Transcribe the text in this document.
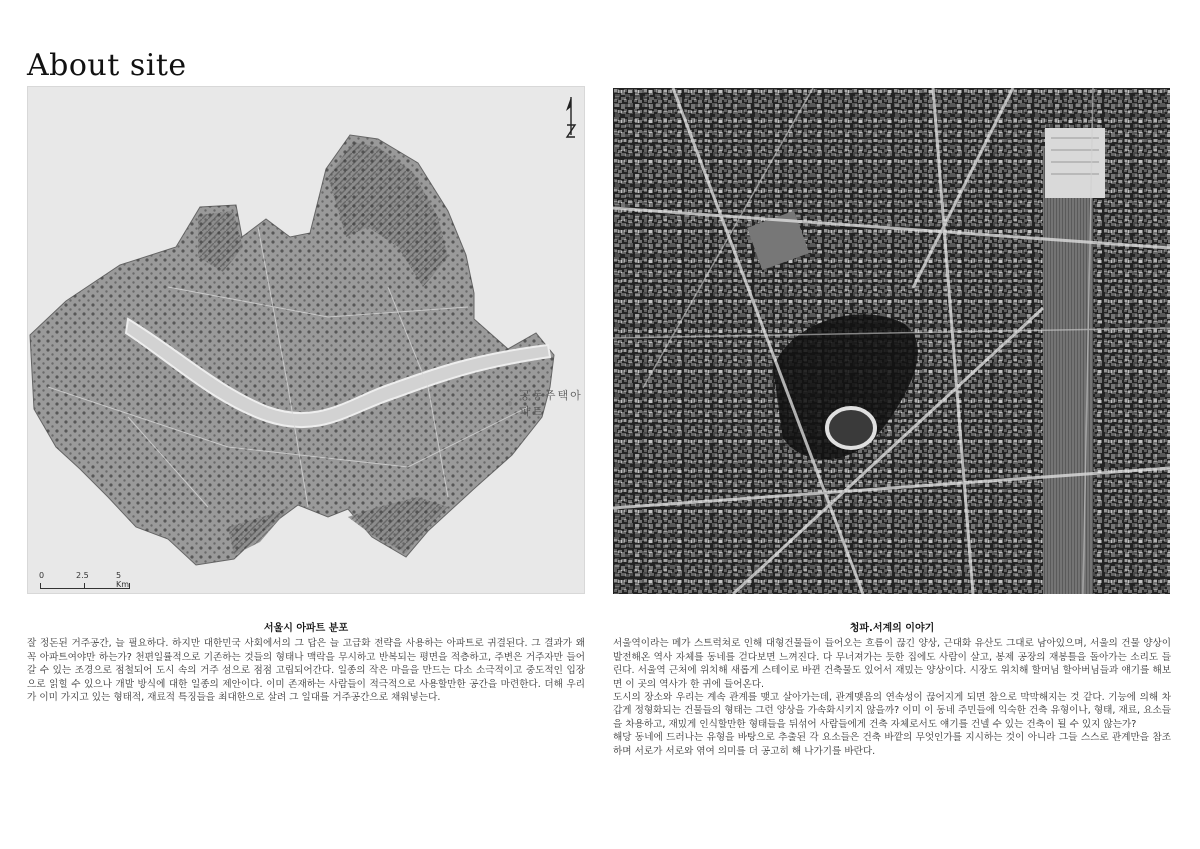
About site
공동주택아파트
0	2.5	5 Km
서울시 아파트 분포

잘 정돈된 거주공간, 늘 필요하다. 하지만 대한민국 사회에서의 그 답은 늘 고급화 전략을 사용하는 아파트로 귀결된다. 그 결과가 왜 꼭 아파트여야만 하는가? 천편일률적으로 기존하는 것들의 형태나 맥락을 무시하고 반복되는 평면을 적층하고, 주변은 거주자만 들어갈 수 있는 조경으로 점철되어 도시 속의 거주 섬으로 점점 고립되어간다. 일종의 작은 마을을 만드는 다소 소극적이고 중도적인 입장으로 읽힐 수 있으나 개발 방식에 대한 일종의 제안이다. 이미 존재하는 사람들이 적극적으로 사용할만한 공간을 마련한다. 더해 우리가 이미 가지고 있는 형태적, 재료적 특징들을 최대한으로 살려 그 일대를 거주공간으로 채워넣는다.

청파.서계의 이야기

서울역이라는 메가 스트럭쳐로 인해 대형건물들이 들어오는 흐름이 끊긴 양상, 근대화 유산도 그대로 남아있으며, 서울의 건물 양상이 발전해온 역사 자체를 동네를 걷다보면 느껴진다. 다 무너져가는 듯한 집에도 사람이 살고, 봉제 공장의 재봉틀을 돌아가는 소리도 들린다. 서울역 근처에 위치해 새롭게 스테이로 바뀐 건축물도 있어서 재밌는 양상이다. 시장도 위치해 할머님 할아버님들과 얘기를 해보면 이 곳의 역사가 한 귀에 들어온다.

도시의 장소와 우리는 계속 관계를 맺고 살아가는데, 관계맺음의 연속성이 끊어지게 되면 참으로 막막해지는 것 같다. 기능에 의해 차갑게 정형화되는 건물들의 형태는 그런 양상을 가속화시키지 않을까? 이미 이 동네 주민들에 익숙한 건축 유형이나, 형태, 재료, 요소들을 차용하고, 재밌게 인식할만한 형태들을 뒤섞어 사람들에게 건축 자체로서도 얘기를 건넬 수 있는 건축이 될 수 있지 않는가?

해당 동네에 드러나는 유형을 바탕으로 추출된 각 요소들은 건축 바깥의 무엇인가를 지시하는 것이 아니라 그들 스스로 관계만을 참조하며 서로가 서로와 엮여 의미를 더 공고히 해 나가기를 바란다.
